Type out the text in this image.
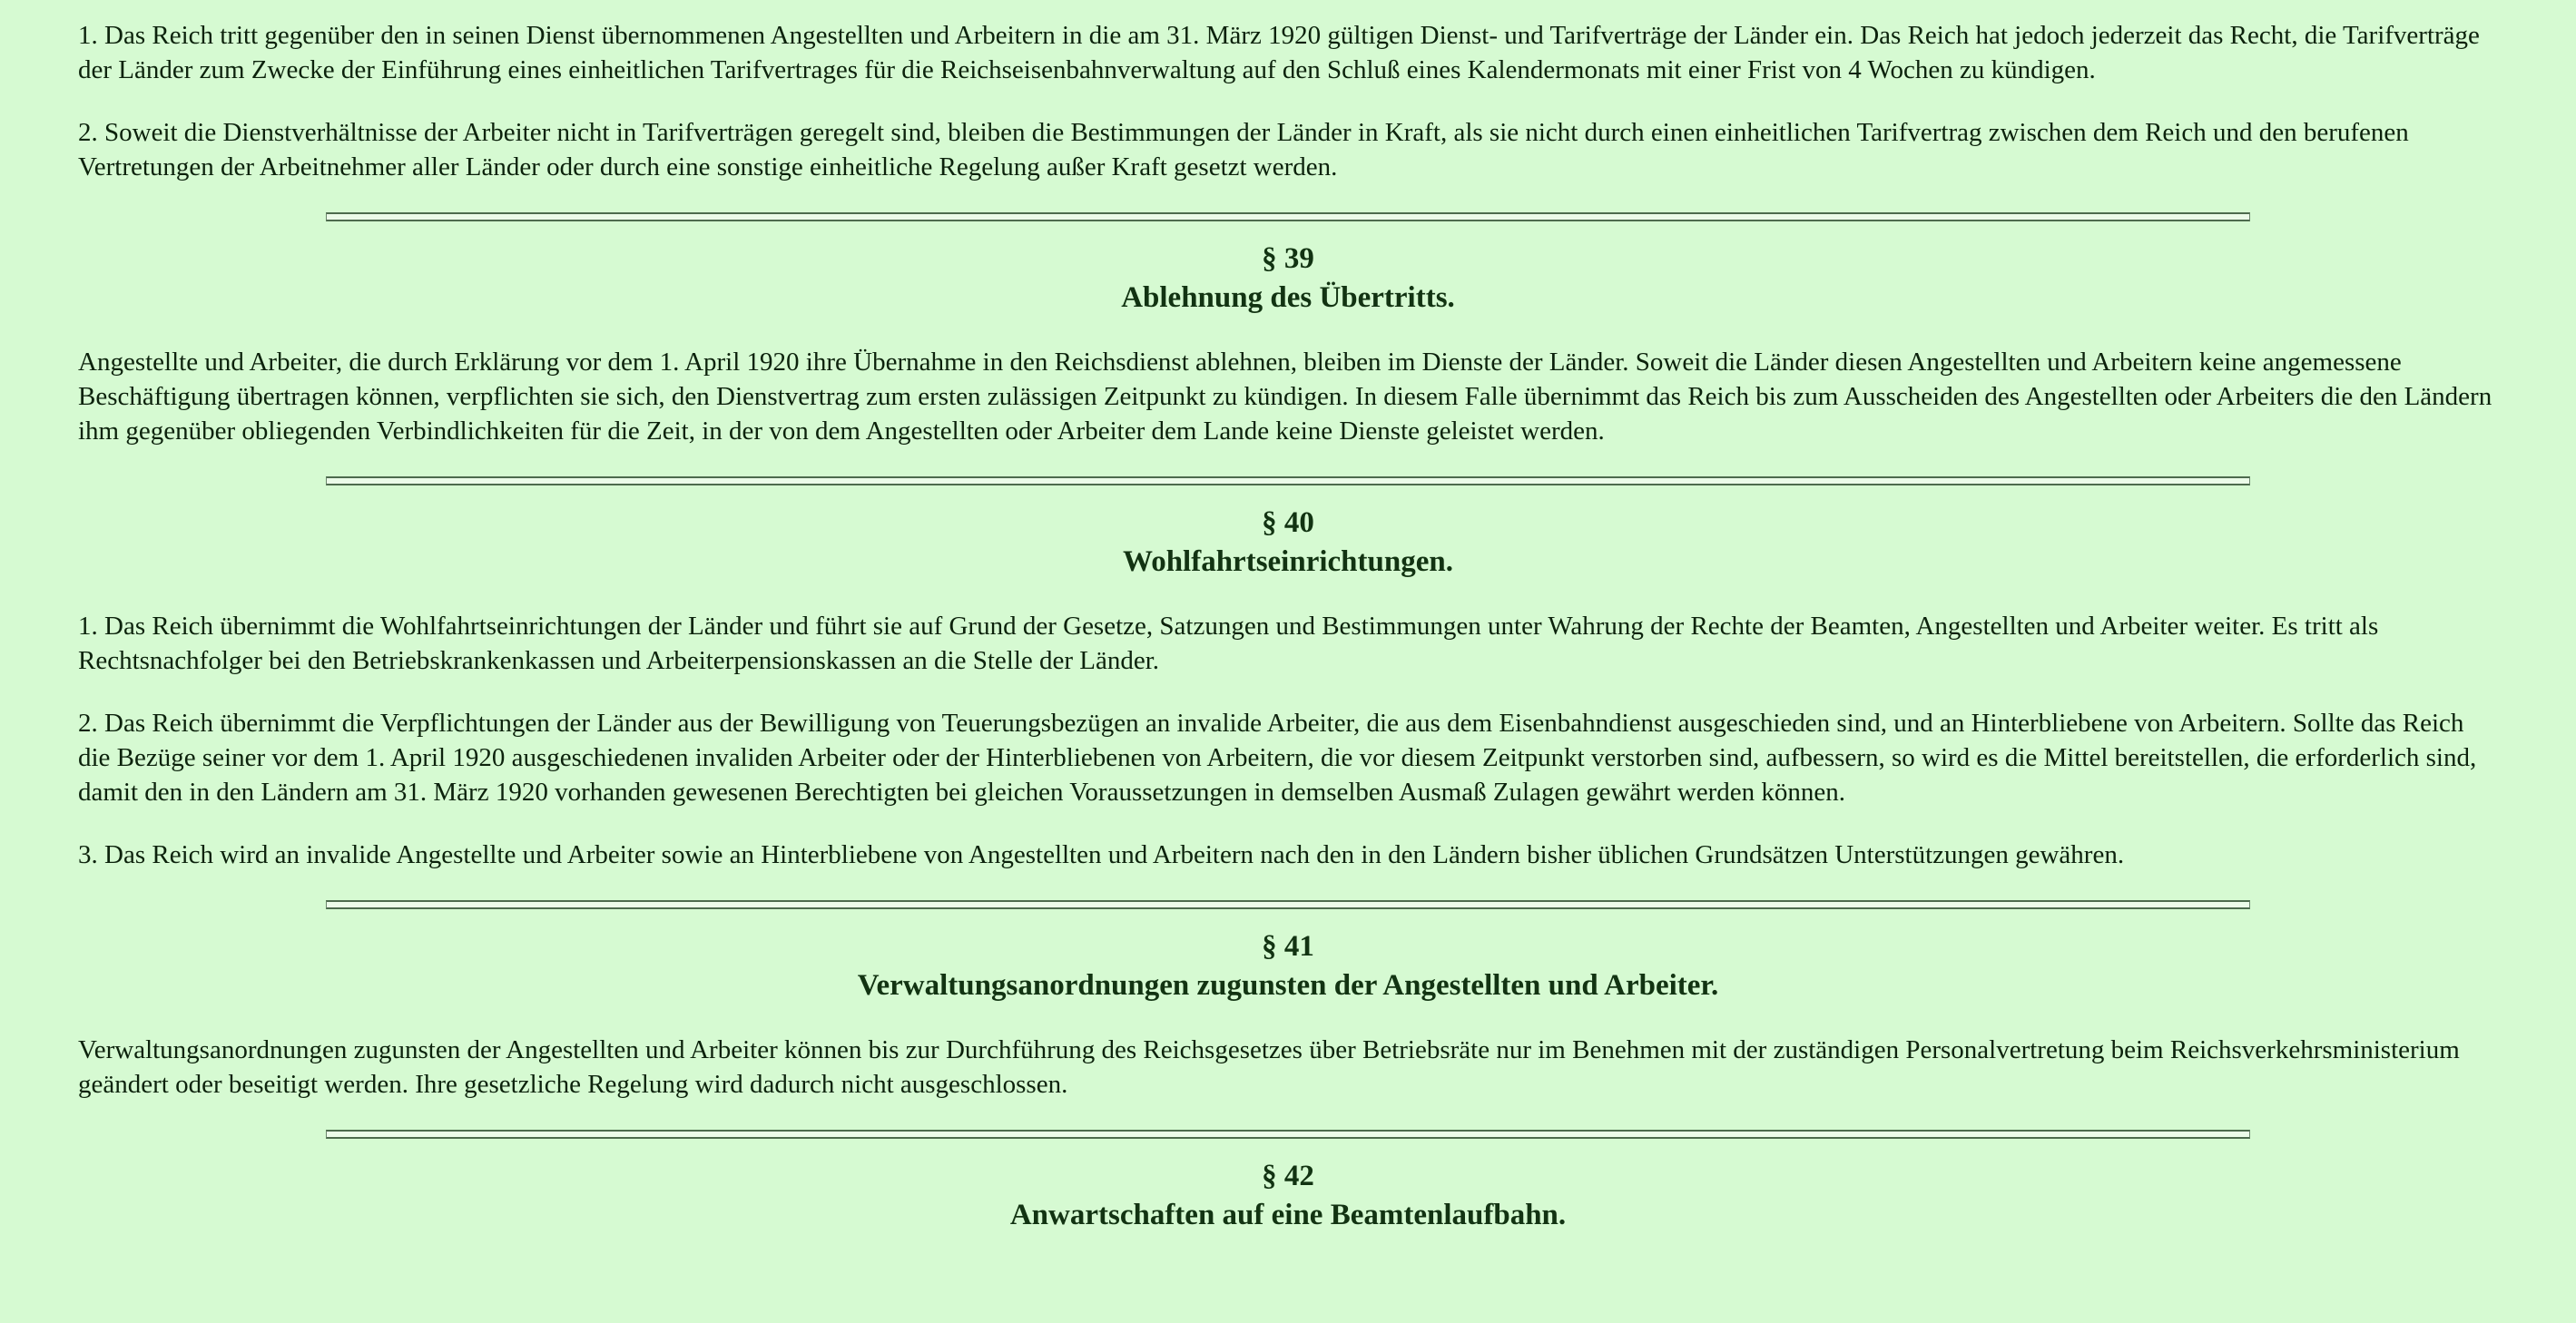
1. Das Reich tritt gegenüber den in seinen Dienst übernommenen Angestellten und Arbeitern in die am 31. März 1920 gültigen Dienst- und Tarifverträge der Länder ein. Das Reich hat jedoch jederzeit das Recht, die Tarifverträge der Länder zum Zwecke der Einführung eines einheitlichen Tarifvertrages für die Reichseisenbahnverwaltung auf den Schluß eines Kalendermonats mit einer Frist von 4 Wochen zu kündigen.

2. Soweit die Dienstverhältnisse der Arbeiter nicht in Tarifverträgen geregelt sind, bleiben die Bestimmungen der Länder in Kraft, als sie nicht durch einen einheitlichen Tarifvertrag zwischen dem Reich und den berufenen Vertretungen der Arbeitnehmer aller Länder oder durch eine sonstige einheitliche Regelung außer Kraft gesetzt werden.

§ 39
Ablehnung des Übertritts.

Angestellte und Arbeiter, die durch Erklärung vor dem 1. April 1920 ihre Übernahme in den Reichsdienst ablehnen, bleiben im Dienste der Länder. Soweit die Länder diesen Angestellten und Arbeitern keine angemessene Beschäftigung übertragen können, verpflichten sie sich, den Dienstvertrag zum ersten zulässigen Zeitpunkt zu kündigen. In diesem Falle übernimmt das Reich bis zum Ausscheiden des Angestellten oder Arbeiters die den Ländern ihm gegenüber obliegenden Verbindlichkeiten für die Zeit, in der von dem Angestellten oder Arbeiter dem Lande keine Dienste geleistet werden.

§ 40
Wohlfahrtseinrichtungen.

1. Das Reich übernimmt die Wohlfahrtseinrichtungen der Länder und führt sie auf Grund der Gesetze, Satzungen und Bestimmungen unter Wahrung der Rechte der Beamten, Angestellten und Arbeiter weiter. Es tritt als Rechtsnachfolger bei den Betriebskrankenkassen und Arbeiterpensionskassen an die Stelle der Länder.

2. Das Reich übernimmt die Verpflichtungen der Länder aus der Bewilligung von Teuerungsbezügen an invalide Arbeiter, die aus dem Eisenbahndienst ausgeschieden sind, und an Hinterbliebene von Arbeitern. Sollte das Reich die Bezüge seiner vor dem 1. April 1920 ausgeschiedenen invaliden Arbeiter oder der Hinterbliebenen von Arbeitern, die vor diesem Zeitpunkt verstorben sind, aufbessern, so wird es die Mittel bereitstellen, die erforderlich sind, damit den in den Ländern am 31. März 1920 vorhanden gewesenen Berechtigten bei gleichen Voraussetzungen in demselben Ausmaß Zulagen gewährt werden können.

3. Das Reich wird an invalide Angestellte und Arbeiter sowie an Hinterbliebene von Angestellten und Arbeitern nach den in den Ländern bisher üblichen Grundsätzen Unterstützungen gewähren.

§ 41
Verwaltungsanordnungen zugunsten der Angestellten und Arbeiter.

Verwaltungsanordnungen zugunsten der Angestellten und Arbeiter können bis zur Durchführung des Reichsgesetzes über Betriebsräte nur im Benehmen mit der zuständigen Personalvertretung beim Reichsverkehrsministerium geändert oder beseitigt werden. Ihre gesetzliche Regelung wird dadurch nicht ausgeschlossen.

§ 42
Anwartschaften auf eine Beamtenlaufbahn.
